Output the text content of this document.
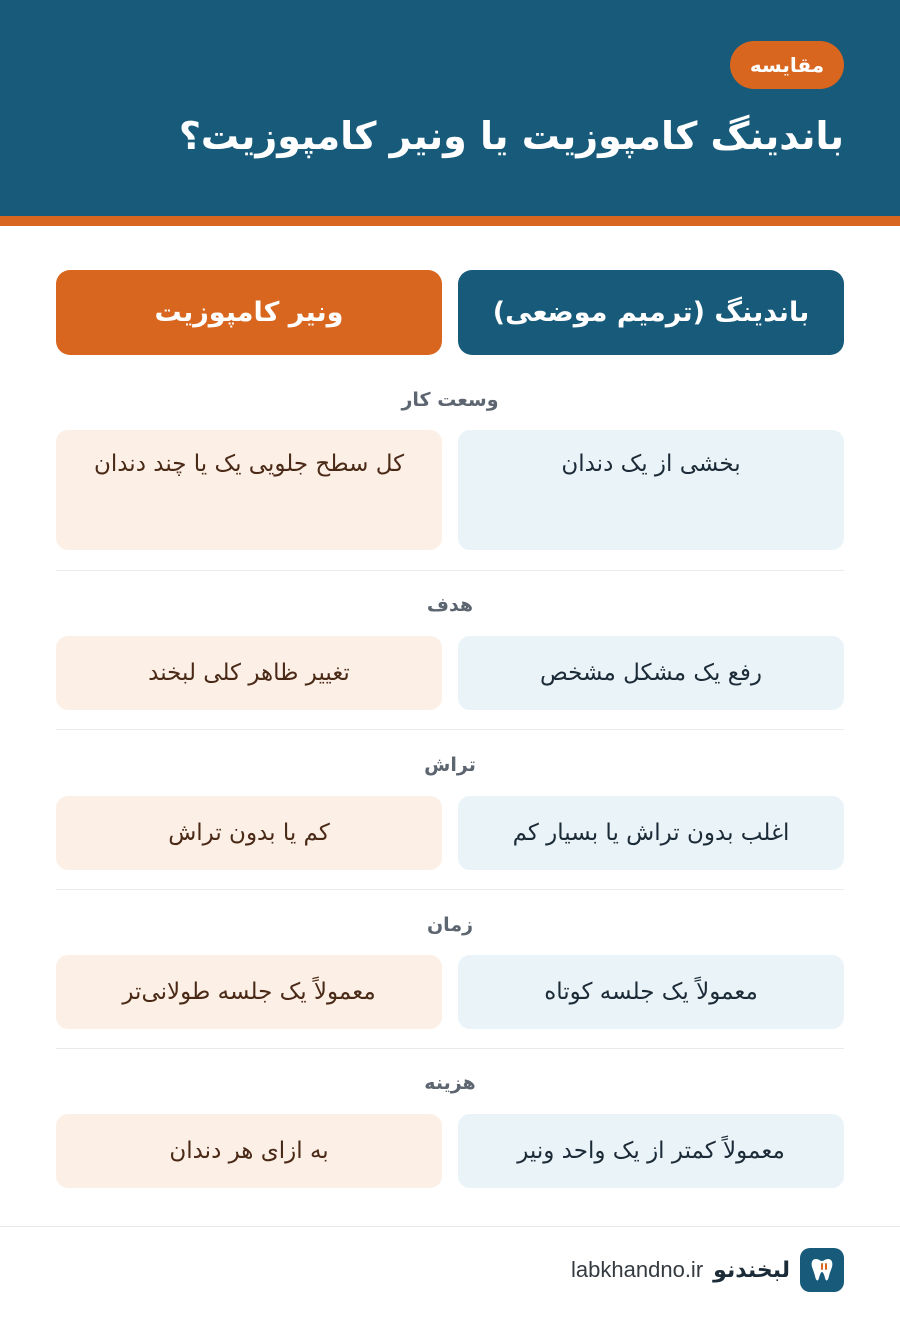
مقایسه
باندینگ کامپوزیت یا ونیر کامپوزیت؟
باندینگ (ترمیم موضعی)
ونیر کامپوزیت
وسعت کار
بخشی از یک دندان
کل سطح جلویی یک یا چند دندان
هدف
رفع یک مشکل مشخص
تغییر ظاهر کلی لبخند
تراش
اغلب بدون تراش یا بسیار کم
کم یا بدون تراش
زمان
معمولاً یک جلسه کوتاه
معمولاً یک جلسه طولانی‌تر
هزینه
معمولاً کمتر از یک واحد ونیر
به ازای هر دندان
لبخندنو
labkhandno.ir
